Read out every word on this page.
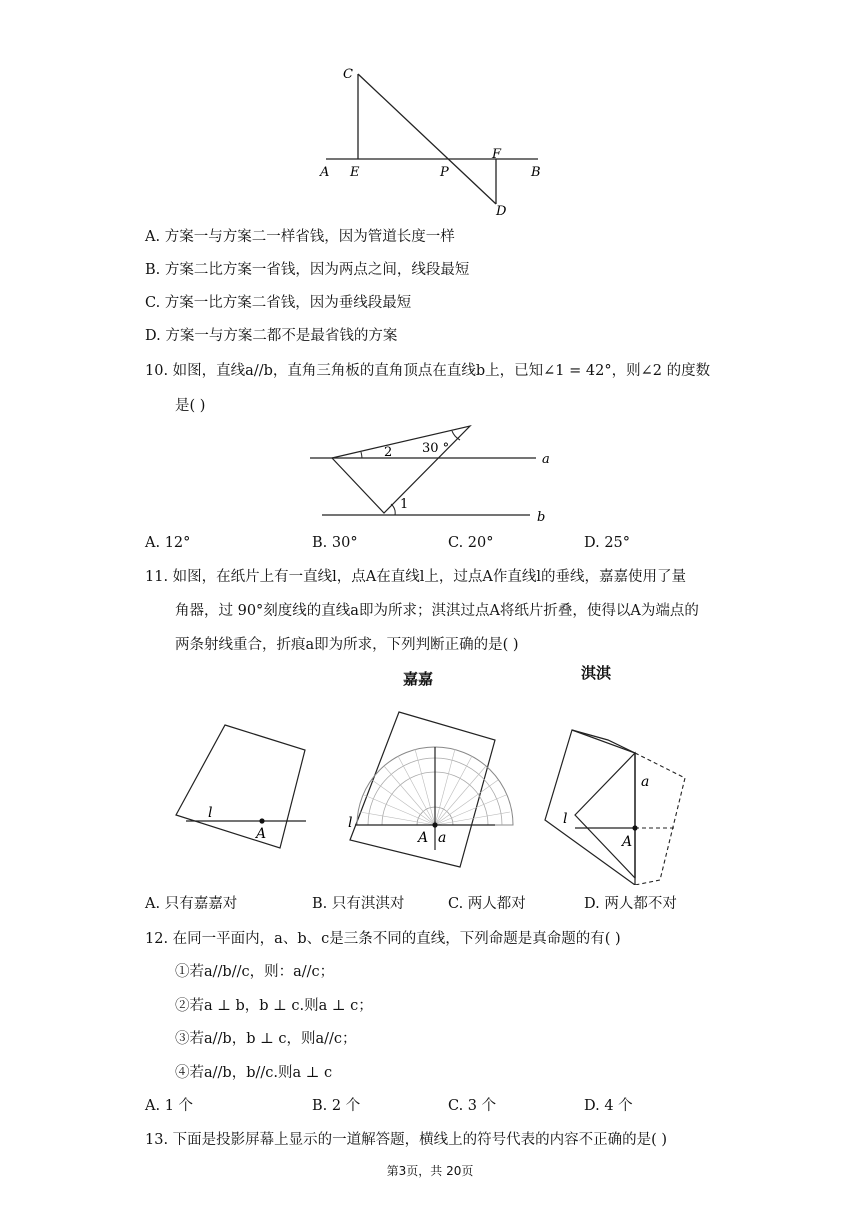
C
A E	P
F
B
D
A. 方案一与方案二一样省钱，因为管道长度一样
B. 方案二比方案一省钱，因为两点之间，线段最短
C. 方案一比方案二省钱，因为垂线段最短
D. 方案一与方案二都不是最省钱的方案
10. 如图，直线a//b，直角三角板的直角顶点在直线b上，已知∠1 = 42°，则∠2 的度数
是( )
2 30 °
a
1
b
A. 12°	B. 30°	C. 20°	D. 25°
11. 如图，在纸片上有一直线l，点A在直线l上，过点A作直线l的垂线，嘉嘉使用了量
角器，过 90°刻度线的直线a即为所求；淇淇过点A将纸片折叠，使得以A为端点的
两条射线重合，折痕a即为所求，下列判断正确的是( )
嘉嘉	淇淇
l
A
l
A a
l
A
a
A. 只有嘉嘉对	B. 只有淇淇对	C. 两人都对	D. 两人都不对
12. 在同一平面内，a、b、c是三条不同的直线，下列命题是真命题的有( )
①若a//b//c，则：a//c；
②若a ⊥ b，b ⊥ c.则a ⊥ c；
③若a//b，b ⊥ c，则a//c；
④若a//b，b//c.则a ⊥ c
A. 1 个	B. 2 个	C. 3 个	D. 4 个
13. 下面是投影屏幕上显示的一道解答题，横线上的符号代表的内容不正确的是( )
第3页，共 20页
